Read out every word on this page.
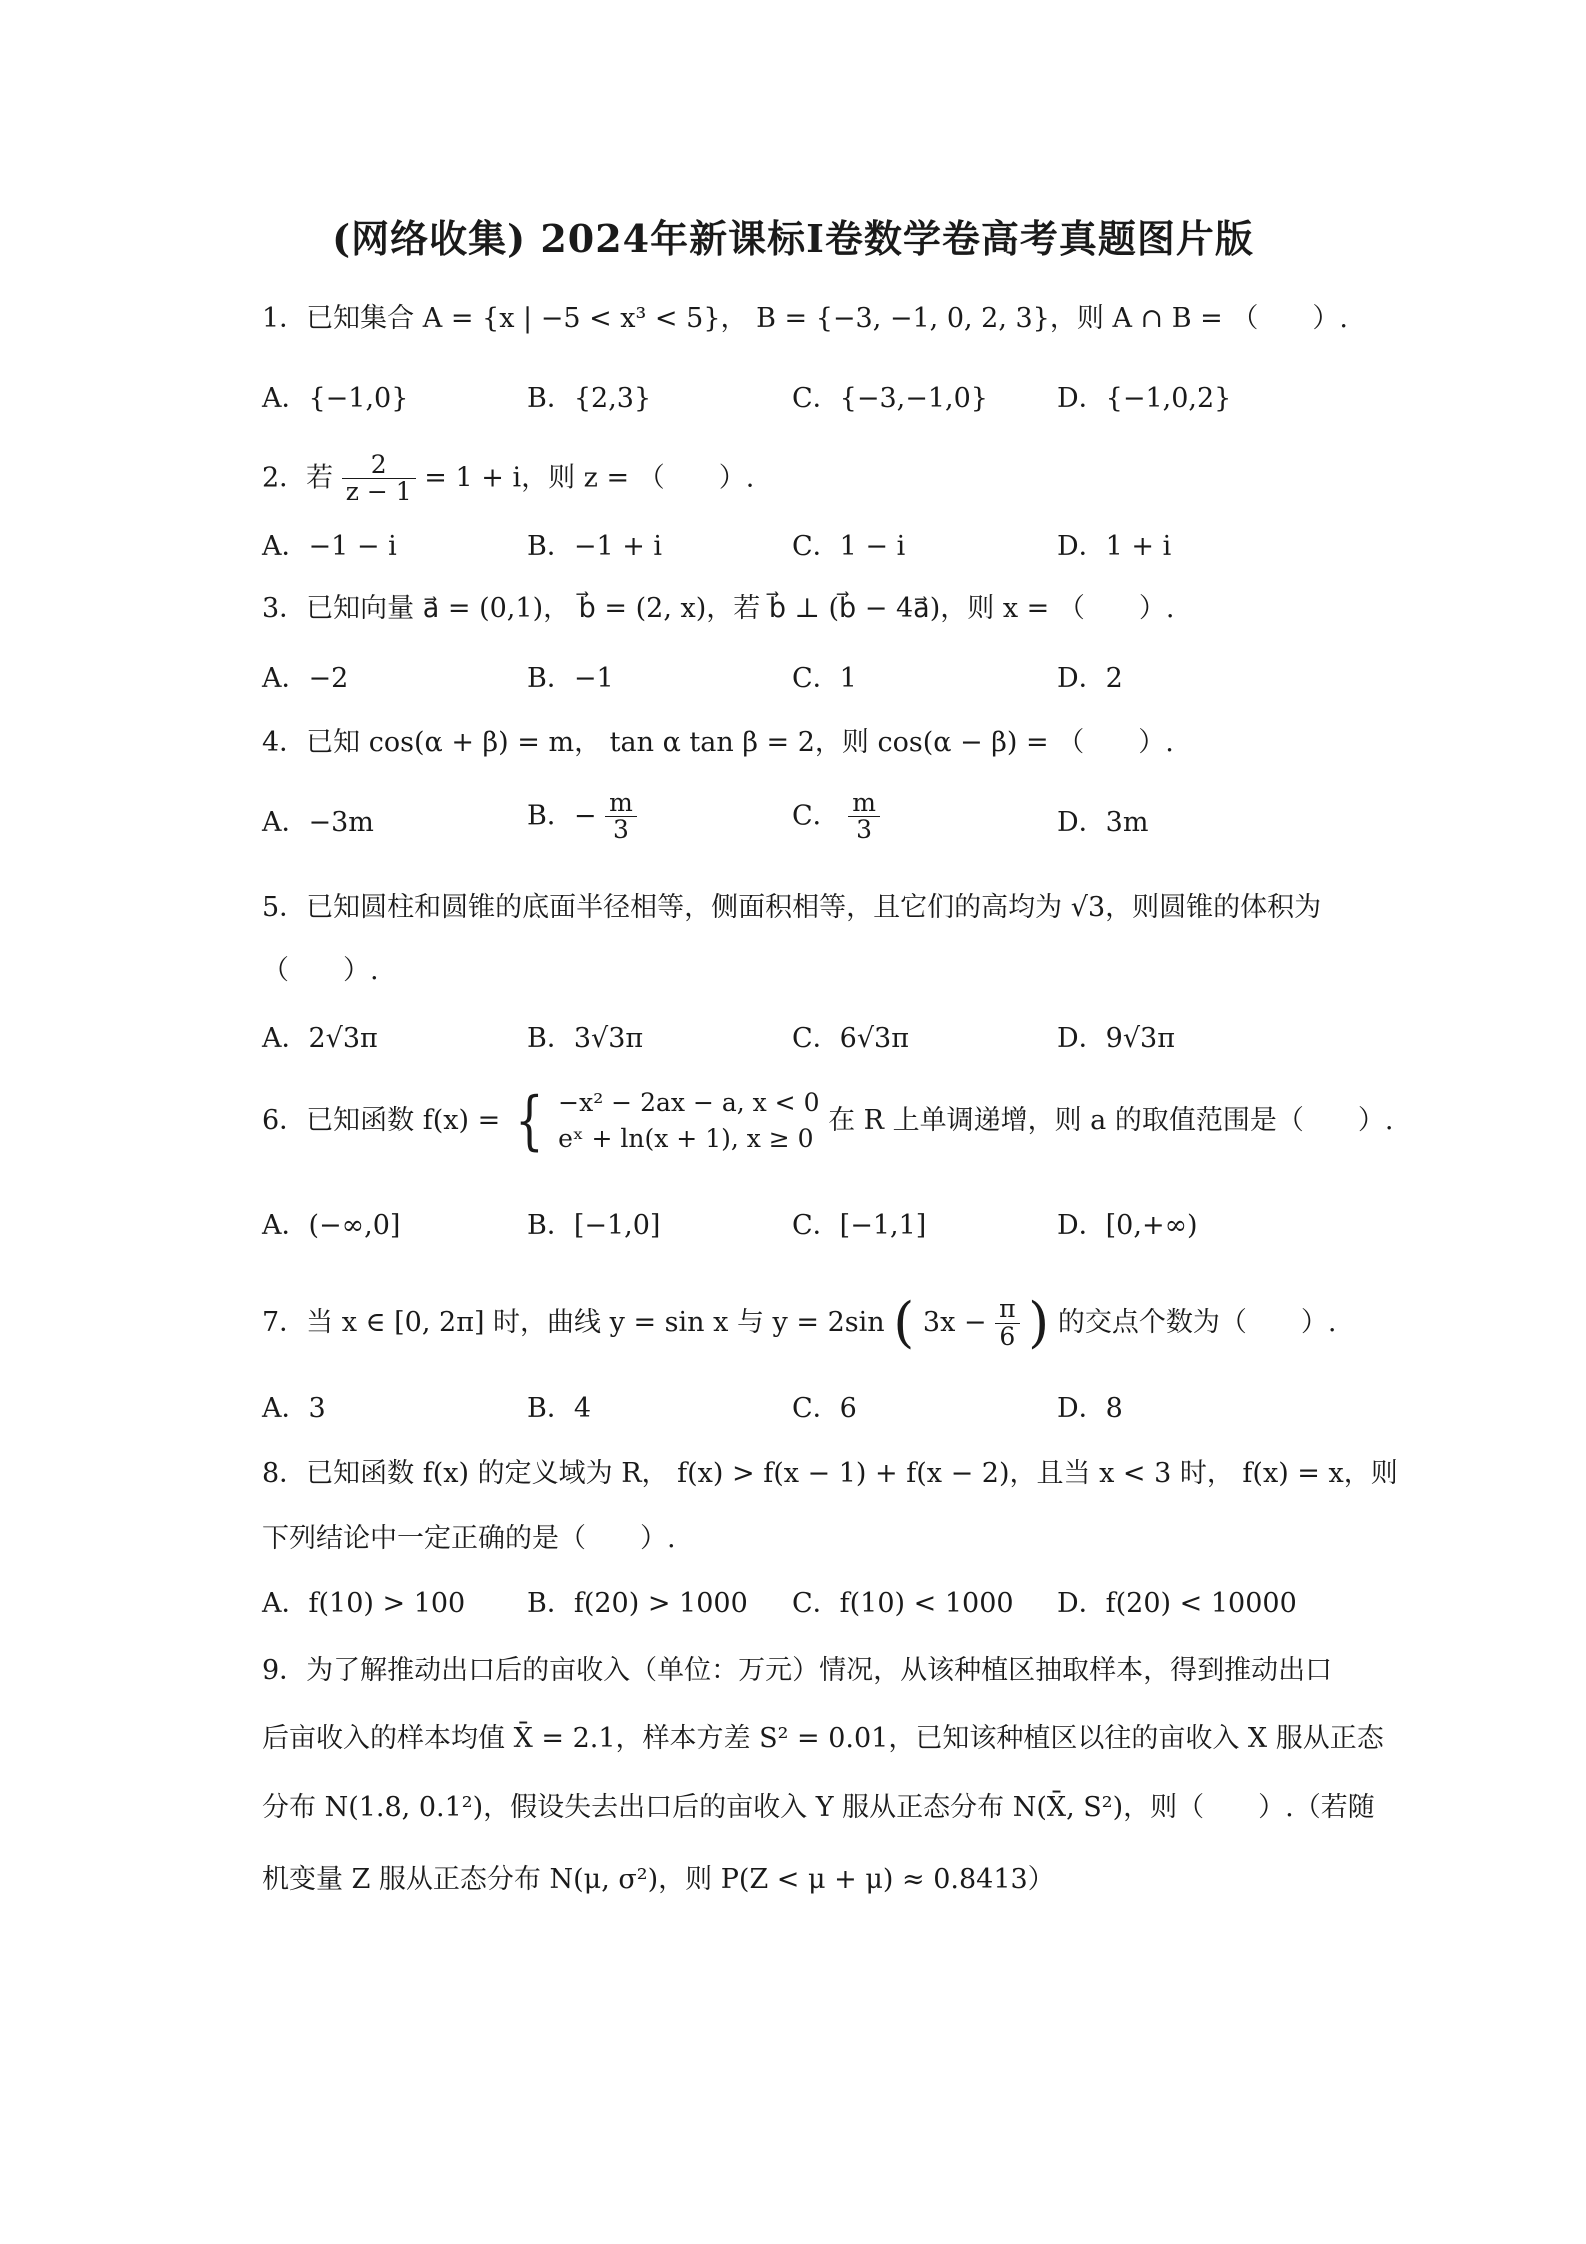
(网络收集) 2024年新课标I卷数学卷高考真题图片版
1．已知集合 A = {x | −5 < x³ < 5}， B = {−3, −1, 0, 2, 3}，则 A ∩ B = （　　）.
A．{−1,0}	B．{2,3}	C．{−3,−1,0}	D．{−1,0,2}
2．若 $\frac{2}{z - 1} = 1 + i$，则 z = （　　）.
A．−1 − i	B．−1 + i	C．1 − i	D．1 + i
3．已知向量 a⃗ = (0,1)， b⃗ = (2, x)，若 b⃗ ⊥ (b⃗ − 4a⃗)，则 x = （　　）.
A．−2	B．−1	C．1	D．2
4．已知 cos(α + β) = m， tan α tan β = 2，则 cos(α − β) = （　　）.
A．−3m	B．− $\frac{m}{3}$	C． $\frac{m}{3}$	D．3m
5．已知圆柱和圆锥的底面半径相等，侧面积相等，且它们的高均为 √3，则圆锥的体积为
（　　）.
A．2√3π	B．3√3π	C．6√3π	D．9√3π
6．已知函数 f(x) = { −x² − 2ax − a, x < 0
eˣ + ln(x + 1), x ≥ 0
在 R 上单调递增，则 a 的取值范围是（　　）.
A．(−∞,0]	B．[−1,0]	C．[−1,1]	D．[0,+∞)
7．当 x ∈ [0, 2π] 时，曲线 y = sin x 与 y = 2sin ( $3x - \frac{\pi}{6}$ ) 的交点个数为（　　）.
A．3	B．4	C．6	D．8
8．已知函数 f(x) 的定义域为 R， f(x) > f(x − 1) + f(x − 2)，且当 x < 3 时， f(x) = x，则
下列结论中一定正确的是（　　）.
A．f(10) > 100 B．f(20) > 1000 C．f(10) < 1000 D．f(20) < 10000
9．为了解推动出口后的亩收入（单位：万元）情况，从该种植区抽取样本，得到推动出口
后亩收入的样本均值 X̄ = 2.1，样本方差 S² = 0.01，已知该种植区以往的亩收入 X 服从正态
分布 N(1.8, 0.1²)，假设失去出口后的亩收入 Y 服从正态分布 N(X̄, S²)，则（　　）.（若随
机变量 Z 服从正态分布 N(μ, σ²)，则 P(Z < μ + μ) ≈ 0.8413）
